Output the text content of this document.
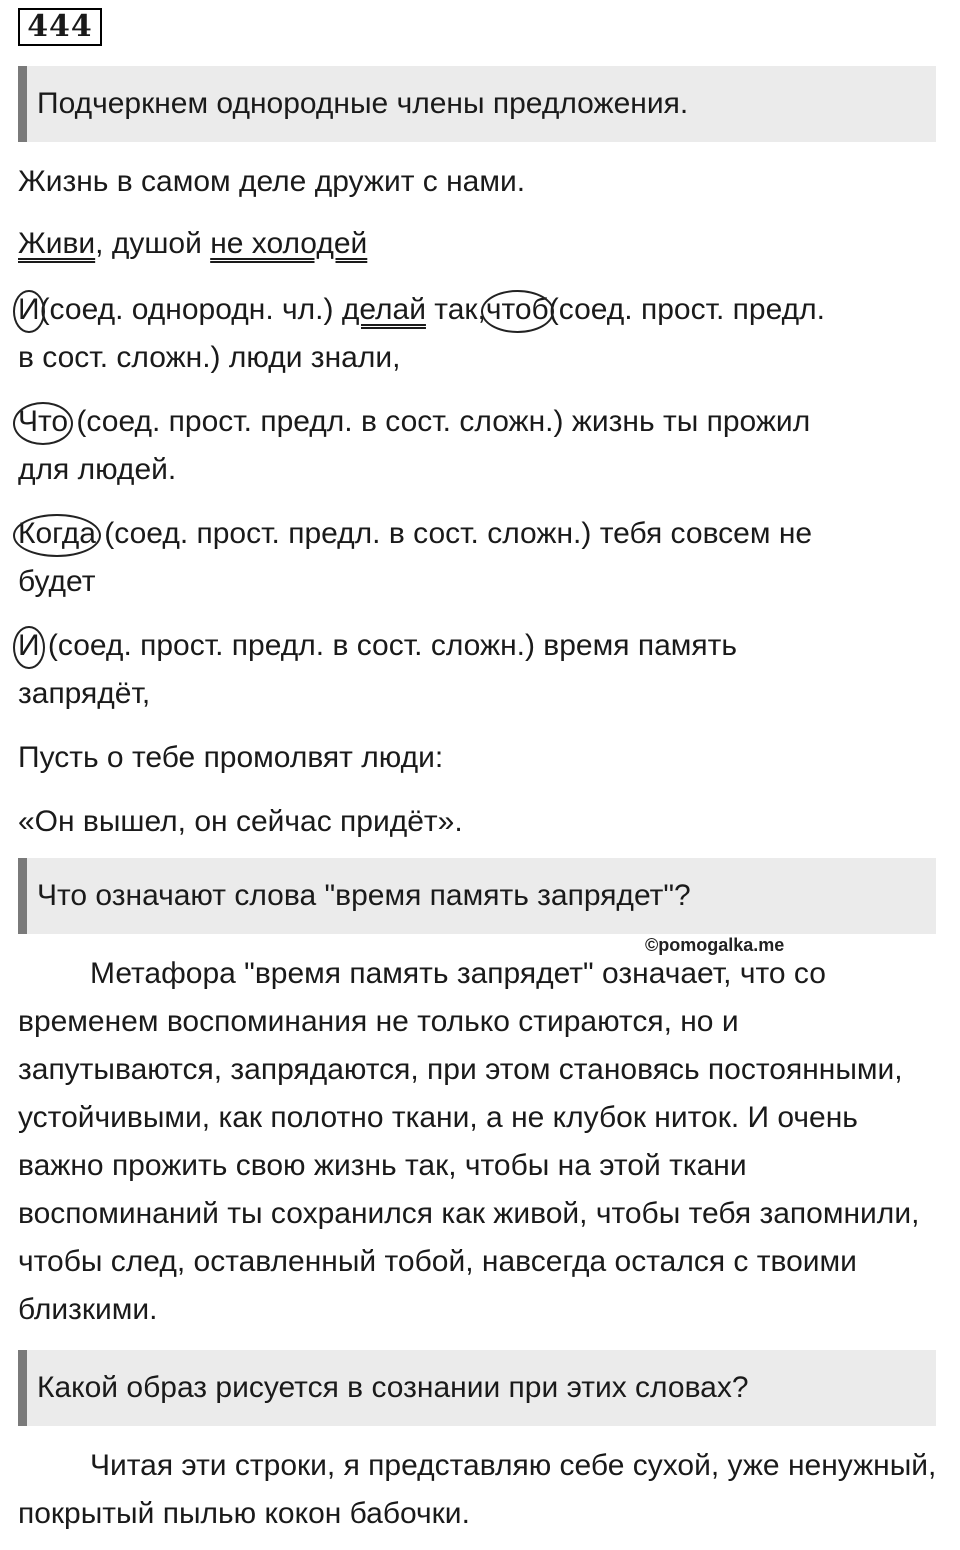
444
Подчеркнем однородные члены предложения.
Жизнь в самом деле дружит с нами.
Живи, душой не холодей
И(соед. однородн. чл.) делай так,чтоб(соед. прост. предл.
в сост. сложн.) люди знали,
Что (соед. прост. предл. в сост. сложн.) жизнь ты прожил
для людей.
Когда (соед. прост. предл. в сост. сложн.) тебя совсем не
будет
И (соед. прост. предл. в сост. сложн.) время память
запрядёт,
Пусть о тебе промолвят люди:
«Он вышел, он сейчас придёт».
Что означают слова "время память запрядет"?
©pomogalka.me
Метафора "время память запрядет" означает, что со временем воспоминания не только стираются, но и запутываются, запрядаются, при этом становясь постоянными, устойчивыми, как полотно ткани, а не клубок ниток. И очень важно прожить свою жизнь так, чтобы на этой ткани воспоминаний ты сохранился как живой, чтобы тебя запомнили, чтобы след, оставленный тобой, навсегда остался с твоими близкими.
Какой образ рисуется в сознании при этих словах?
Читая эти строки, я представляю себе сухой, уже ненужный, покрытый пылью кокон бабочки.
